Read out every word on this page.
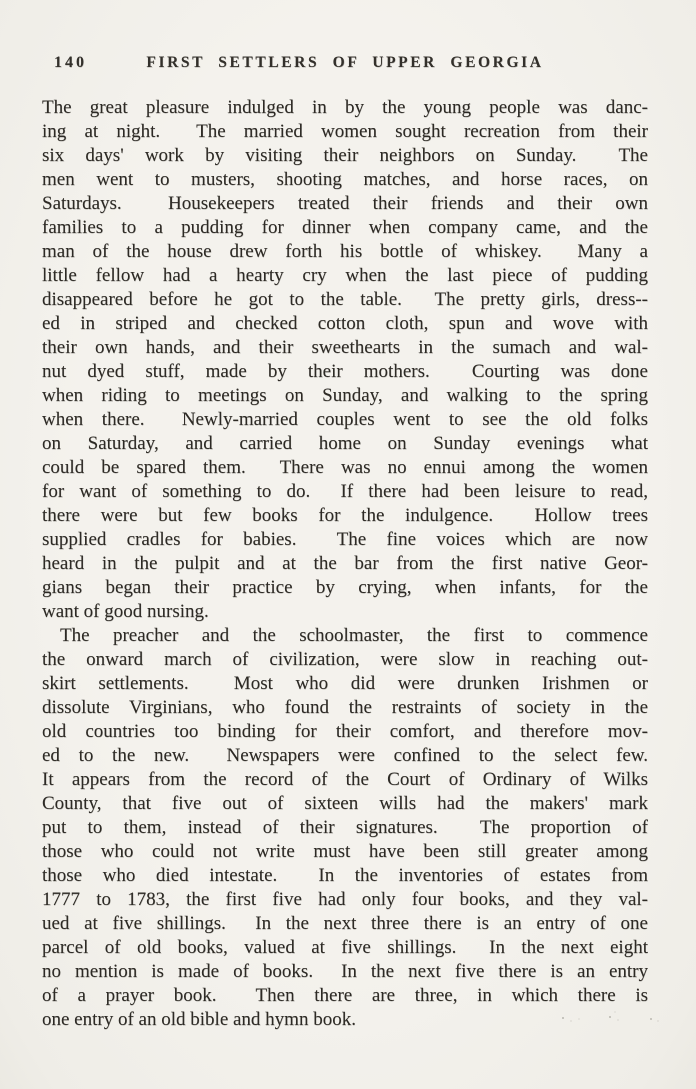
140	FIRST SETTLERS OF UPPER GEORGIA
The great pleasure indulged in by the young people was danc-
ing at night.  The married women sought recreation from their
six days' work by visiting their neighbors on Sunday.  The
men went to musters, shooting matches, and horse races, on
Saturdays.  Housekeepers treated their friends and their own
families to a pudding for dinner when company came, and the
man of the house drew forth his bottle of whiskey.  Many a
little fellow had a hearty cry when the last piece of pudding
disappeared before he got to the table.  The pretty girls, dress--
ed in striped and checked cotton cloth, spun and wove with
their own hands, and their sweethearts in the sumach and wal-
nut dyed stuff, made by their mothers.  Courting was done
when riding to meetings on Sunday, and walking to the spring
when there.  Newly-married couples went to see the old folks
on Saturday, and carried home on Sunday evenings what
could be spared them.  There was no ennui among the women
for want of something to do.  If there had been leisure to read,
there were but few books for the indulgence.  Hollow trees
supplied cradles for babies.  The fine voices which are now
heard in the pulpit and at the bar from the first native Geor-
gians began their practice by crying, when infants, for the
want of good nursing.
The preacher and the schoolmaster, the first to commence
the onward march of civilization, were slow in reaching out-
skirt settlements.  Most who did were drunken Irishmen or
dissolute Virginians, who found the restraints of society in the
old countries too binding for their comfort, and therefore mov-
ed to the new.  Newspapers were confined to the select few.
It appears from the record of the Court of Ordinary of Wilks
County, that five out of sixteen wills had the makers' mark
put to them, instead of their signatures.  The proportion of
those who could not write must have been still greater among
those who died intestate.  In the inventories of estates from
1777 to 1783, the first five had only four books, and they val-
ued at five shillings.  In the next three there is an entry of one
parcel of old books, valued at five shillings.  In the next eight
no mention is made of books.  In the next five there is an entry
of a prayer book.  Then there are three, in which there is
one entry of an old bible and hymn book.
